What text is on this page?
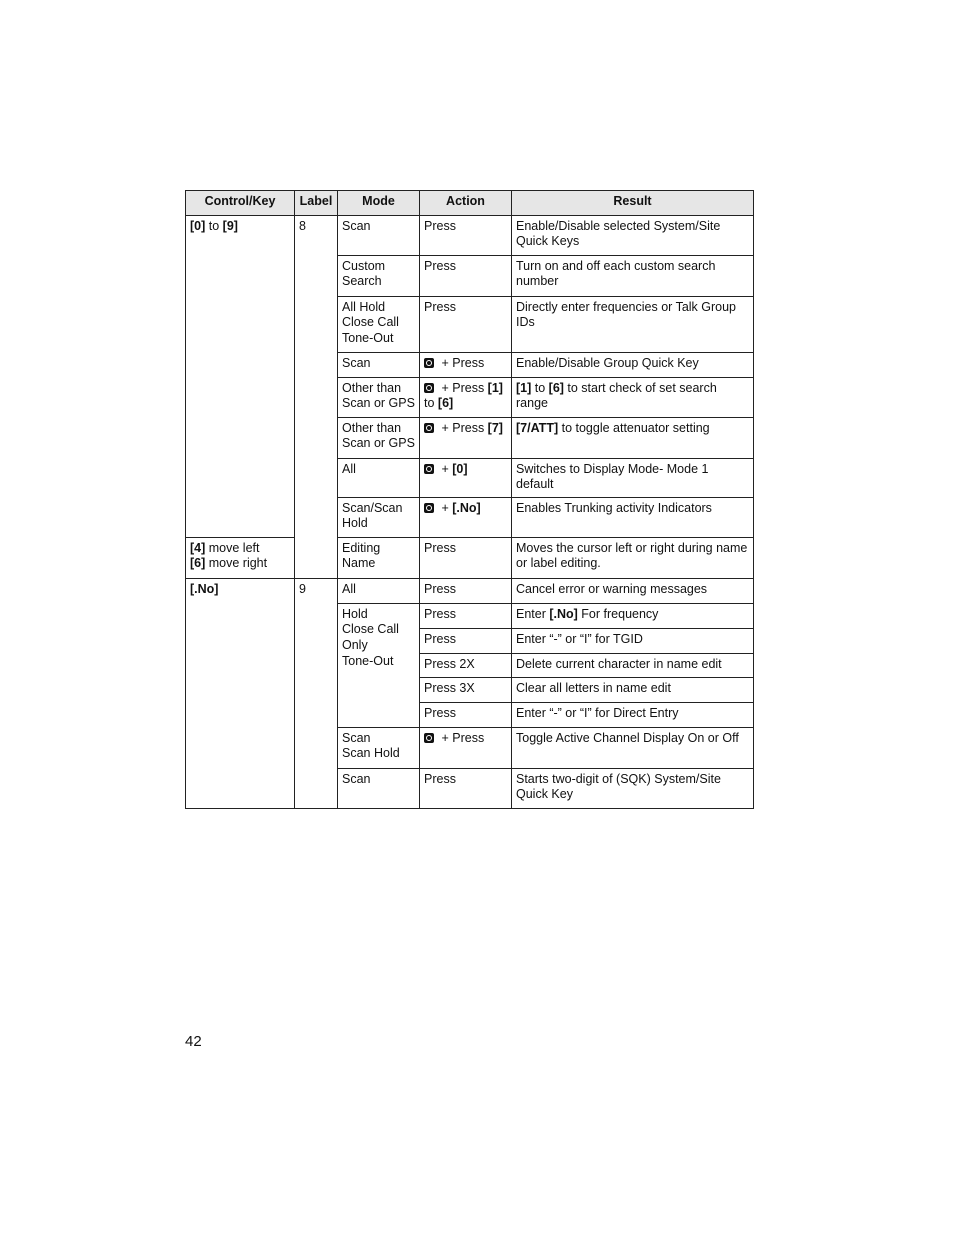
Control/Key	Label	Mode	Action	Result
[0] to [9]	8	Scan	Press	Enable/Disable selected System/Site Quick Keys
		Custom Search	Press	Turn on and off each custom search number
		All Hold
Close Call
Tone-Out	Press	Directly enter frequencies or Talk Group IDs
		Scan	+ Press	Enable/Disable Group Quick Key
		Other than Scan or GPS	+ Press [1] to [6]	[1] to [6] to start check of set search range
		Other than Scan or GPS	+ Press [7]	[7/ATT] to toggle attenuator setting
		All	+ [0]	Switches to Display Mode- Mode 1 default
		Scan/Scan Hold	+ [.No]	Enables Trunking activity Indicators
[4] move left
[6] move right		Editing Name	Press	Moves the cursor left or right during name or label editing.
[.No]	9	All	Press	Cancel error or warning messages
		Hold
Close Call Only
Tone-Out	Press	Enter [.No] For frequency
			Press	Enter “-” or “I” for TGID
			Press 2X	Delete current character in name edit
			Press 3X	Clear all letters in name edit
			Press	Enter “-” or “I” for Direct Entry
		Scan
Scan Hold	+ Press	Toggle Active Channel Display On or Off
		Scan	Press	Starts two-digit of (SQK) System/Site Quick Key
42
